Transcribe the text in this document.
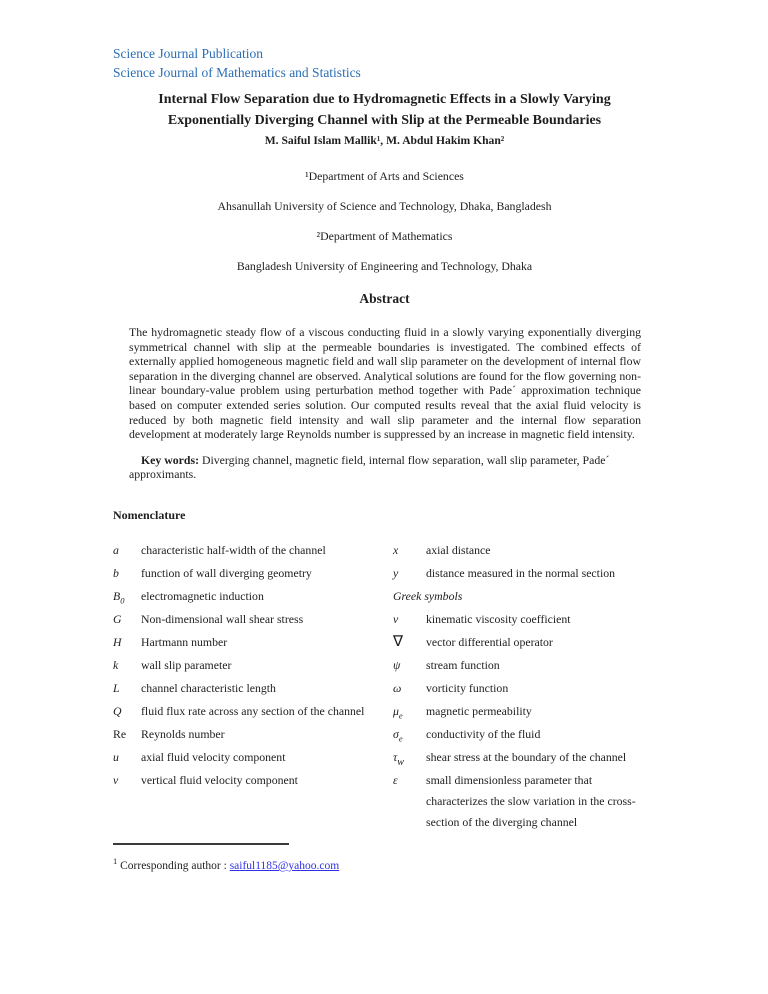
Science Journal Publication
Science Journal of Mathematics and Statistics
Internal Flow Separation due to Hydromagnetic Effects in a Slowly Varying
Exponentially Diverging Channel with Slip at the Permeable Boundaries

M. Saiful Islam Mallik¹, M. Abdul Hakim Khan²

¹Department of Arts and Sciences

Ahsanullah University of Science and Technology, Dhaka, Bangladesh

²Department of Mathematics

Bangladesh University of Engineering and Technology, Dhaka

Abstract

The hydromagnetic steady flow of a viscous conducting fluid in a slowly varying exponentially diverging symmetrical channel with slip at the permeable boundaries is investigated. The combined effects of externally applied homogeneous magnetic field and wall slip parameter on the development of internal flow separation in the diverging channel are observed. Analytical solutions are found for the flow governing non-linear boundary-value problem using perturbation method together with Pade´ approximation technique based on computer extended series solution. Our computed results reveal that the axial fluid velocity is reduced by both magnetic field intensity and wall slip parameter and the internal flow separation development at moderately large Reynolds number is suppressed by an increase in magnetic field intensity.

Key words: Diverging channel, magnetic field, internal flow separation, wall slip parameter, Pade´ approximants.

Nomenclature
a	characteristic half-width of the channel	x	axial distance
b	function of wall diverging geometry	y	distance measured in the normal section
$B_0$	electromagnetic induction	Greek symbols
G	Non-dimensional wall shear stress	ν	kinematic viscosity coefficient
H	Hartmann number	∇	vector differential operator
k	wall slip parameter	ψ	stream function
L	channel characteristic length	ω	vorticity function
Q	fluid flux rate across any section of the channel	$\mu_e$	magnetic permeability
Re	Reynolds number	$\sigma_e$	conductivity of the fluid
u	axial fluid velocity component	$\tau_w$	shear stress at the boundary of the channel
v	vertical fluid velocity component	ε	small dimensionless parameter that characterizes the slow variation in the cross-section of the diverging channel

$^1$ Corresponding author : saiful1185@yahoo.com
